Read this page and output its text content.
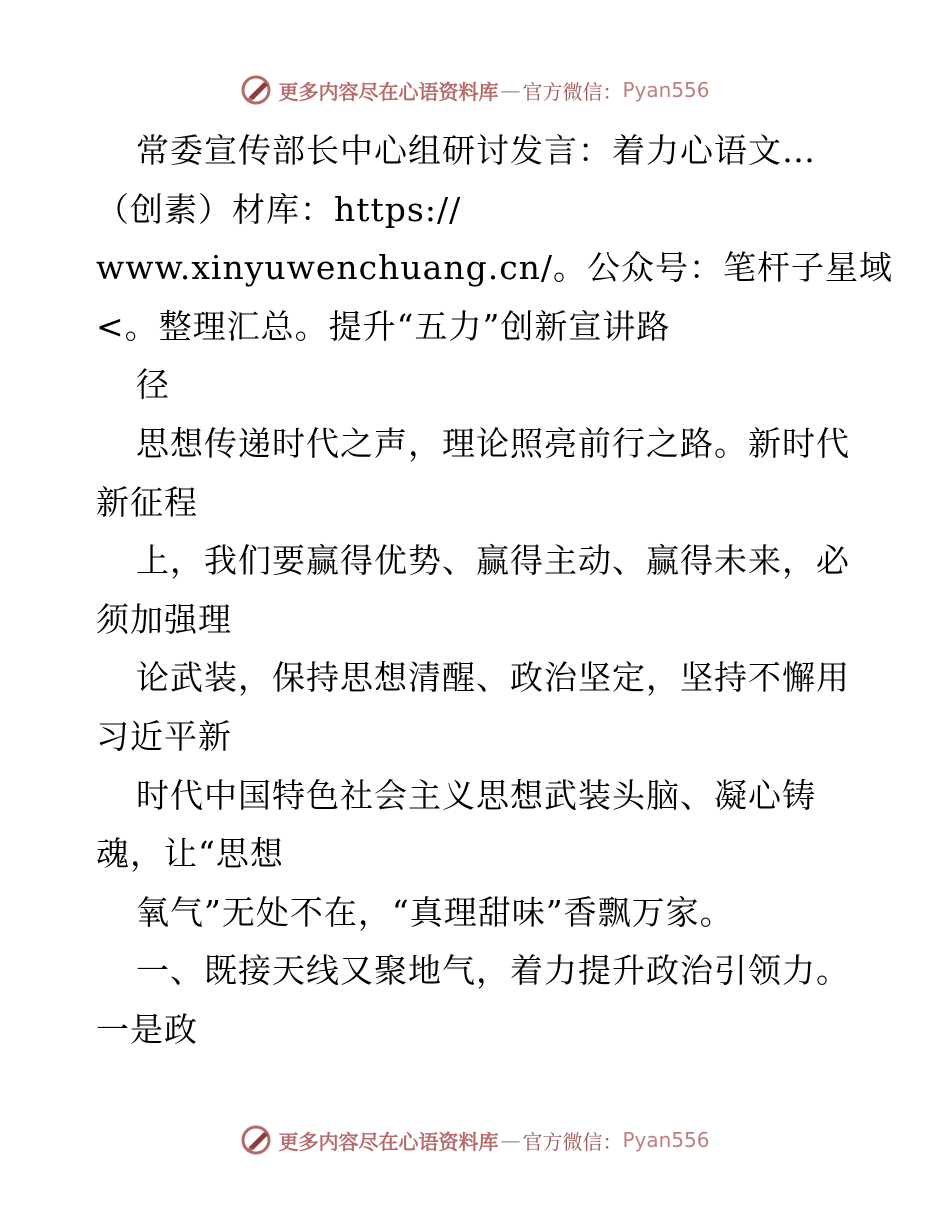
更多内容尽在心语资料库 — 官方微信： Pyan556
常委宣传部长中心组研讨发言：着力心语文…
（创素）材库：https://
www.xinyuwenchuang.cn/。公众号：笔杆子星域
<。整理汇总。提升“五力”创新宣讲路
径
思想传递时代之声，理论照亮前行之路。新时代
新征程
上，我们要赢得优势、赢得主动、赢得未来，必
须加强理
论武装，保持思想清醒、政治坚定，坚持不懈用
习近平新
时代中国特色社会主义思想武装头脑、凝心铸
魂，让“思想
氧气”无处不在，“真理甜味”香飘万家。
一、既接天线又聚地气，着力提升政治引领力。
一是政
更多内容尽在心语资料库 — 官方微信： Pyan556
